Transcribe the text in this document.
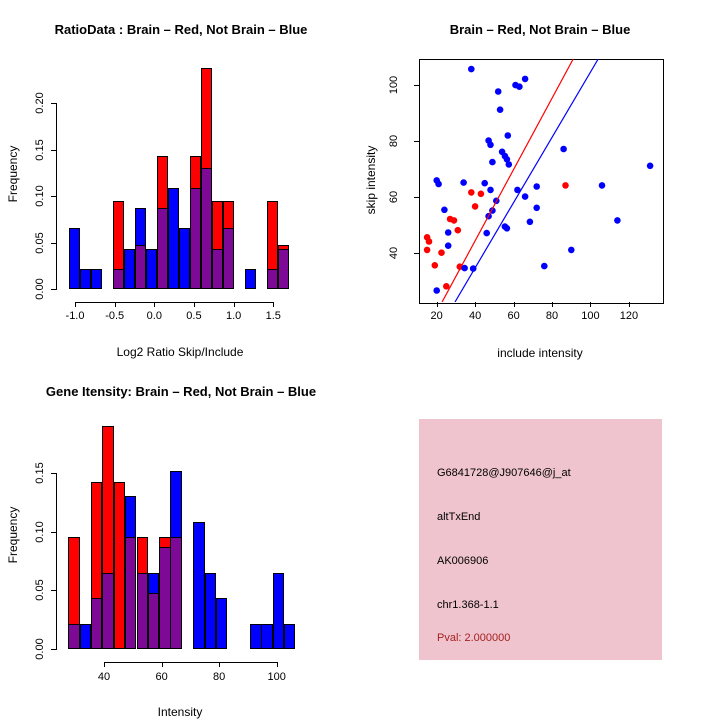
RatioData : Brain – Red, Not Brain – Blue
Log2 Ratio Skip/Include
Frequency
Brain – Red, Not Brain – Blue
include intensity
skip intensity
Gene Itensity: Brain – Red, Not Brain – Blue
Intensity
Frequency
G6841728@J907646@j_at
altTxEnd
AK006906
chr1.368-1.1
Pval: 2.000000
-1.0 -0.5 0.0 0.5 1.0 1.5
0.00
0.05
0.10
0.15
0.20
20 40 60 80 100 120
40
60
80
100
40	60	80	100
0.00
0.05
0.10
0.15
